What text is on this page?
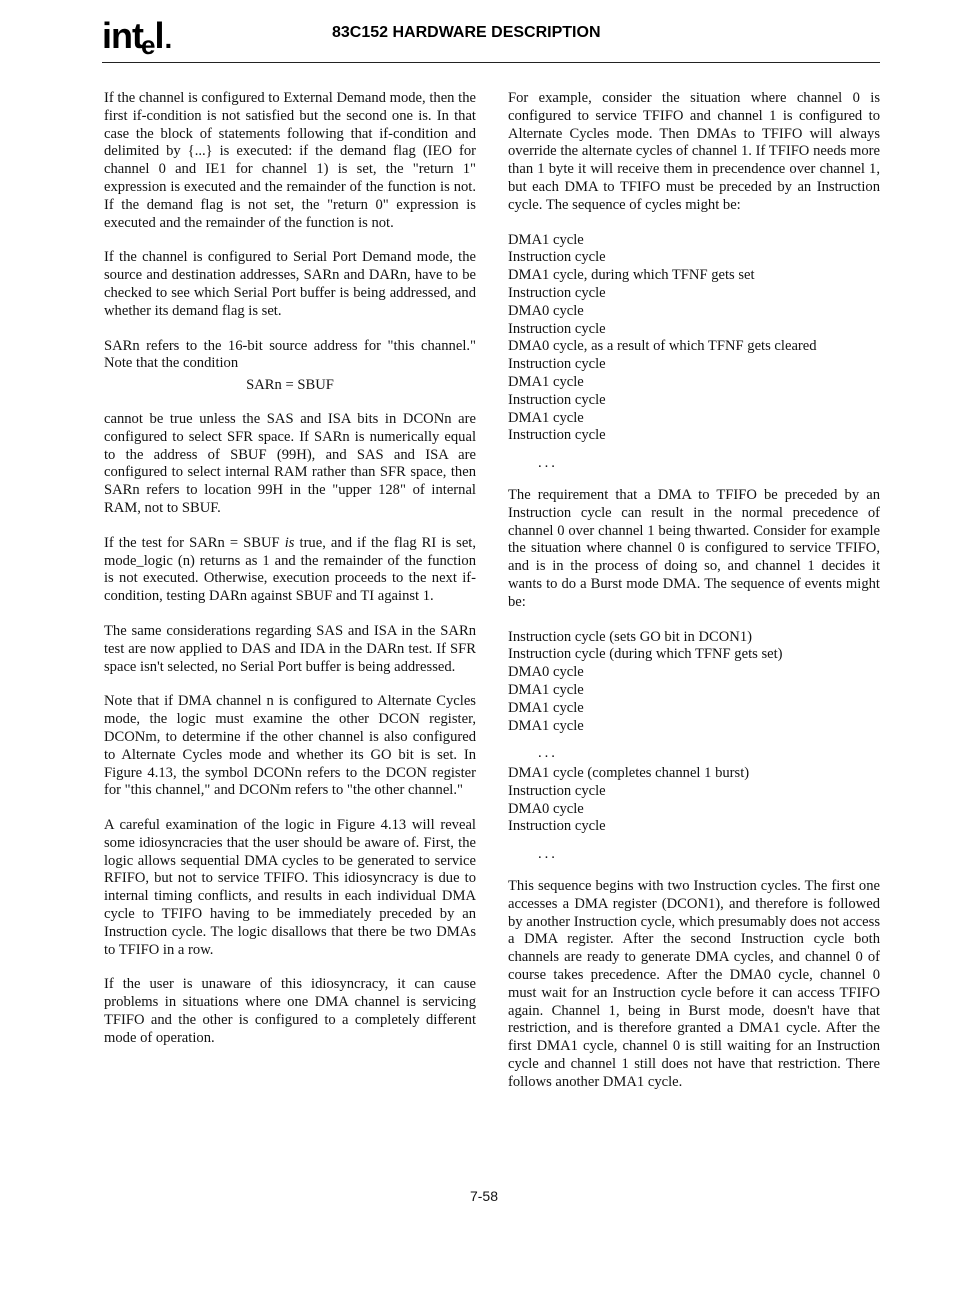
intel.	83C152 HARDWARE DESCRIPTION

If the channel is configured to External Demand mode, then the first if-condition is not satisfied but the second one is. In that case the block of statements following that if-condition and delimited by {...} is executed: if the demand flag (IEO for channel 0 and IE1 for channel 1) is set, the "return 1" expression is executed and the remainder of the function is not. If the demand flag is not set, the "return 0" expression is executed and the remainder of the function is not.

If the channel is configured to Serial Port Demand mode, the source and destination addresses, SARn and DARn, have to be checked to see which Serial Port buffer is being addressed, and whether its demand flag is set.

SARn refers to the 16-bit source address for "this channel." Note that the condition

SARn = SBUF

cannot be true unless the SAS and ISA bits in DCONn are configured to select SFR space. If SARn is numerically equal to the address of SBUF (99H), and SAS and ISA are configured to select internal RAM rather than SFR space, then SARn refers to location 99H in the "upper 128" of internal RAM, not to SBUF.

If the test for SARn = SBUF is true, and if the flag RI is set, mode_logic (n) returns as 1 and the remainder of the function is not executed. Otherwise, execution proceeds to the next if-condition, testing DARn against SBUF and TI against 1.

The same considerations regarding SAS and ISA in the SARn test are now applied to DAS and IDA in the DARn test. If SFR space isn't selected, no Serial Port buffer is being addressed.

Note that if DMA channel n is configured to Alternate Cycles mode, the logic must examine the other DCON register, DCONm, to determine if the other channel is also configured to Alternate Cycles mode and whether its GO bit is set. In Figure 4.13, the symbol DCONn refers to the DCON register for "this channel," and DCONm refers to "the other channel."

A careful examination of the logic in Figure 4.13 will reveal some idiosyncracies that the user should be aware of. First, the logic allows sequential DMA cycles to be generated to service RFIFO, but not to service TFIFO. This idiosyncracy is due to internal timing conflicts, and results in each individual DMA cycle to TFIFO having to be immediately preceded by an Instruction cycle. The logic disallows that there be two DMAs to TFIFO in a row.

If the user is unaware of this idiosyncracy, it can cause problems in situations where one DMA channel is servicing TFIFO and the other is configured to a completely different mode of operation.

For example, consider the situation where channel 0 is configured to service TFIFO and channel 1 is configured to Alternate Cycles mode. Then DMAs to TFIFO will always override the alternate cycles of channel 1. If TFIFO needs more than 1 byte it will receive them in precendence over channel 1, but each DMA to TFIFO must be preceded by an Instruction cycle. The sequence of cycles might be:

DMA1 cycle
Instruction cycle
DMA1 cycle, during which TFNF gets set
Instruction cycle
DMA0 cycle
Instruction cycle
DMA0 cycle, as a result of which TFNF gets cleared
Instruction cycle
DMA1 cycle
Instruction cycle
DMA1 cycle
Instruction cycle
...

The requirement that a DMA to TFIFO be preceded by an Instruction cycle can result in the normal precedence of channel 0 over channel 1 being thwarted. Consider for example the situation where channel 0 is configured to service TFIFO, and is in the process of doing so, and channel 1 decides it wants to do a Burst mode DMA. The sequence of events might be:

Instruction cycle (sets GO bit in DCON1)
Instruction cycle (during which TFNF gets set)
DMA0 cycle
DMA1 cycle
DMA1 cycle
DMA1 cycle
...
DMA1 cycle (completes channel 1 burst)
Instruction cycle
DMA0 cycle
Instruction cycle
...

This sequence begins with two Instruction cycles. The first one accesses a DMA register (DCON1), and therefore is followed by another Instruction cycle, which presumably does not access a DMA register. After the second Instruction cycle both channels are ready to generate DMA cycles, and channel 0 of course takes precedence. After the DMA0 cycle, channel 0 must wait for an Instruction cycle before it can access TFIFO again. Channel 1, being in Burst mode, doesn't have that restriction, and is therefore granted a DMA1 cycle. After the first DMA1 cycle, channel 0 is still waiting for an Instruction cycle and channel 1 still does not have that restriction. There follows another DMA1 cycle.

7-58
